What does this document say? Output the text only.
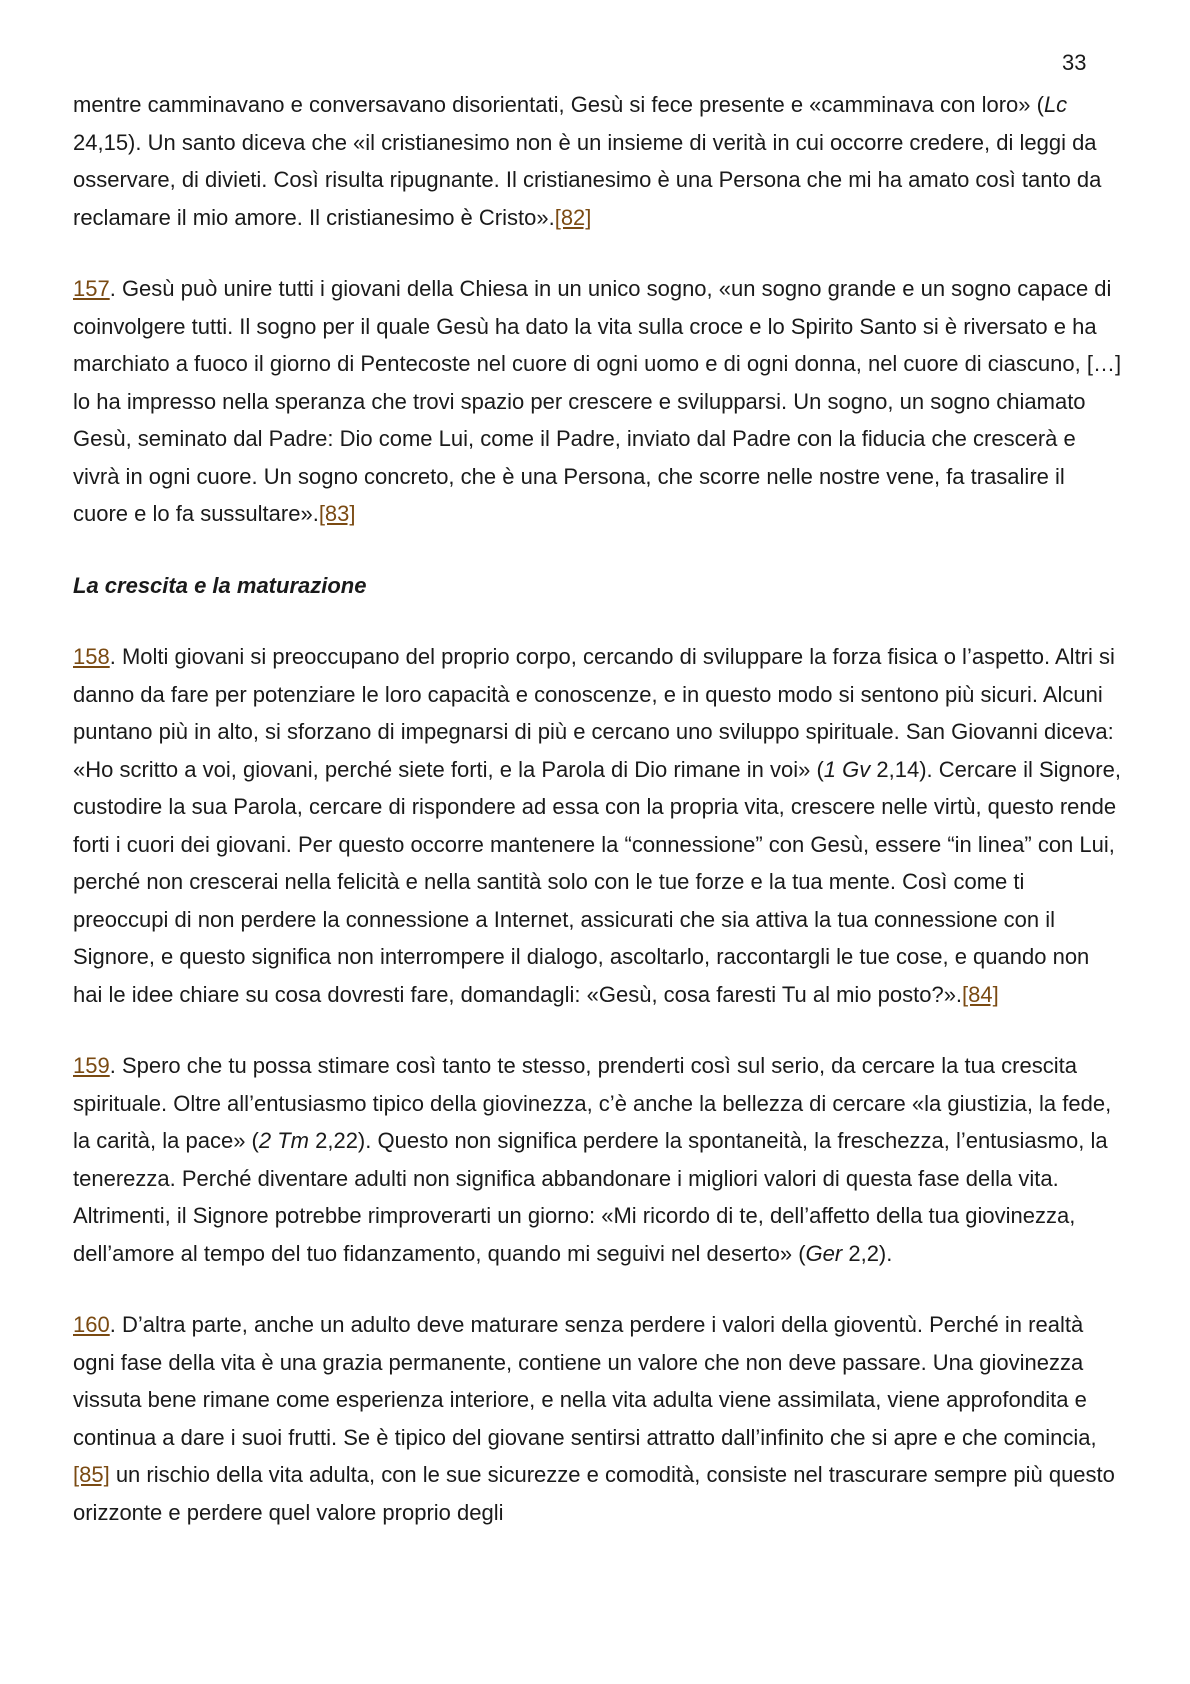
33

mentre camminavano e conversavano disorientati, Gesù si fece presente e «camminava con loro» (Lc 24,15). Un santo diceva che «il cristianesimo non è un insieme di verità in cui occorre credere, di leggi da osservare, di divieti. Così risulta ripugnante. Il cristianesimo è una Persona che mi ha amato così tanto da reclamare il mio amore. Il cristianesimo è Cristo».[82]

157. Gesù può unire tutti i giovani della Chiesa in un unico sogno, «un sogno grande e un sogno capace di coinvolgere tutti. Il sogno per il quale Gesù ha dato la vita sulla croce e lo Spirito Santo si è riversato e ha marchiato a fuoco il giorno di Pentecoste nel cuore di ogni uomo e di ogni donna, nel cuore di ciascuno, […] lo ha impresso nella speranza che trovi spazio per crescere e svilupparsi. Un sogno, un sogno chiamato Gesù, seminato dal Padre: Dio come Lui, come il Padre, inviato dal Padre con la fiducia che crescerà e vivrà in ogni cuore. Un sogno concreto, che è una Persona, che scorre nelle nostre vene, fa trasalire il cuore e lo fa sussultare».[83]

La crescita e la maturazione

158. Molti giovani si preoccupano del proprio corpo, cercando di sviluppare la forza fisica o l’aspetto. Altri si danno da fare per potenziare le loro capacità e conoscenze, e in questo modo si sentono più sicuri. Alcuni puntano più in alto, si sforzano di impegnarsi di più e cercano uno sviluppo spirituale. San Giovanni diceva: «Ho scritto a voi, giovani, perché siete forti, e la Parola di Dio rimane in voi» (1 Gv 2,14). Cercare il Signore, custodire la sua Parola, cercare di rispondere ad essa con la propria vita, crescere nelle virtù, questo rende forti i cuori dei giovani. Per questo occorre mantenere la “connessione” con Gesù, essere “in linea” con Lui, perché non crescerai nella felicità e nella santità solo con le tue forze e la tua mente. Così come ti preoccupi di non perdere la connessione a Internet, assicurati che sia attiva la tua connessione con il Signore, e questo significa non interrompere il dialogo, ascoltarlo, raccontargli le tue cose, e quando non hai le idee chiare su cosa dovresti fare, domandagli: «Gesù, cosa faresti Tu al mio posto?».[84]

159. Spero che tu possa stimare così tanto te stesso, prenderti così sul serio, da cercare la tua crescita spirituale. Oltre all’entusiasmo tipico della giovinezza, c’è anche la bellezza di cercare «la giustizia, la fede, la carità, la pace» (2 Tm 2,22). Questo non significa perdere la spontaneità, la freschezza, l’entusiasmo, la tenerezza. Perché diventare adulti non significa abbandonare i migliori valori di questa fase della vita. Altrimenti, il Signore potrebbe rimproverarti un giorno: «Mi ricordo di te, dell’affetto della tua giovinezza, dell’amore al tempo del tuo fidanzamento, quando mi seguivi nel deserto» (Ger 2,2).

160. D’altra parte, anche un adulto deve maturare senza perdere i valori della gioventù. Perché in realtà ogni fase della vita è una grazia permanente, contiene un valore che non deve passare. Una giovinezza vissuta bene rimane come esperienza interiore, e nella vita adulta viene assimilata, viene approfondita e continua a dare i suoi frutti. Se è tipico del giovane sentirsi attratto dall’infinito che si apre e che comincia,[85] un rischio della vita adulta, con le sue sicurezze e comodità, consiste nel trascurare sempre più questo orizzonte e perdere quel valore proprio degli
